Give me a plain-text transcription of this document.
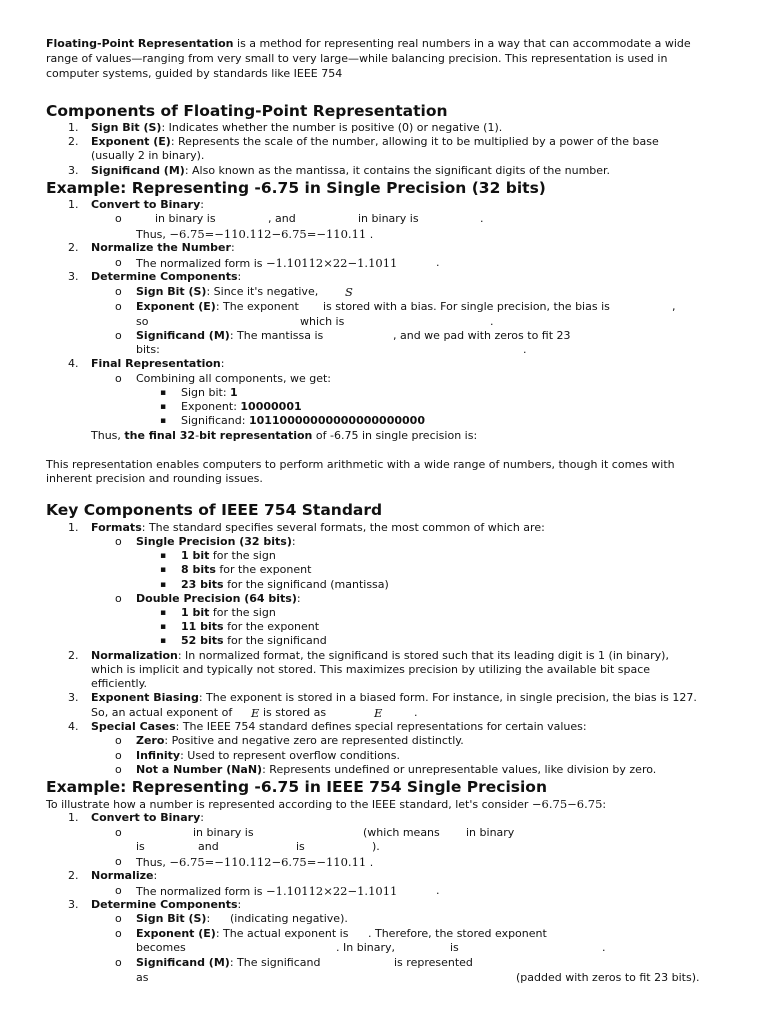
Floating-Point Representation is a method for representing real numbers in a way that can accommodate a wide
range of values—ranging from very small to very large—while balancing precision. This representation is used in
computer systems, guided by standards like IEEE 754
Components of Floating-Point Representation
1. Sign Bit (S): Indicates whether the number is positive (0) or negative (1).
2. Exponent (E): Represents the scale of the number, allowing it to be multiplied by a power of the base
(usually 2 in binary).
3. Significand (M): Also known as the mantissa, it contains the significant digits of the number.
Example: Representing -6.75 in Single Precision (32 bits)
1. Convert to Binary:
o	in binary is	, and	in binary is	.
Thus, −6.75=−110.112−6.75=−110.11 .
2. Normalize the Number:
o The normalized form is −1.10112×22−1.1011	.
3. Determine Components:
o Sign Bit (S): Since it's negative, S
o Exponent (E): The exponent is stored with a bias. For single precision, the bias is	,
so	which is	.
o Significand (M): The mantissa is	, and we pad with zeros to fit 23
bits:	.
4. Final Representation:
o Combining all components, we get:
▪ Sign bit: 1
▪ Exponent: 10000001
▪ Significand: 10110000000000000000000
Thus, the final 32-bit representation of -6.75 in single precision is:
This representation enables computers to perform arithmetic with a wide range of numbers, though it comes with
inherent precision and rounding issues.
Key Components of IEEE 754 Standard
1. Formats: The standard specifies several formats, the most common of which are:
o Single Precision (32 bits):
▪ 1 bit for the sign
▪ 8 bits for the exponent
▪ 23 bits for the significand (mantissa)
o Double Precision (64 bits):
▪ 1 bit for the sign
▪ 11 bits for the exponent
▪ 52 bits for the significand
2. Normalization: In normalized format, the significand is stored such that its leading digit is 1 (in binary),
which is implicit and typically not stored. This maximizes precision by utilizing the available bit space
efficiently.
3. Exponent Biasing: The exponent is stored in a biased form. For instance, in single precision, the bias is 127.
So, an actual exponent of E is stored as	E	.
4. Special Cases: The IEEE 754 standard defines special representations for certain values:
o Zero: Positive and negative zero are represented distinctly.
o Infinity: Used to represent overflow conditions.
o Not a Number (NaN): Represents undefined or unrepresentable values, like division by zero.
Example: Representing -6.75 in IEEE 754 Single Precision
To illustrate how a number is represented according to the IEEE standard, let's consider −6.75−6.75:
1. Convert to Binary:
o	in binary is	(which means in binary
is	and	is	).
o Thus, −6.75=−110.112−6.75=−110.11 .
2. Normalize:
o The normalized form is −1.10112×22−1.1011	.
3. Determine Components:
o Sign Bit (S): (indicating negative).
o Exponent (E): The actual exponent is . Therefore, the stored exponent
becomes	. In binary,	is	.
o Significand (M): The significand	is represented
as	(padded with zeros to fit 23 bits).
